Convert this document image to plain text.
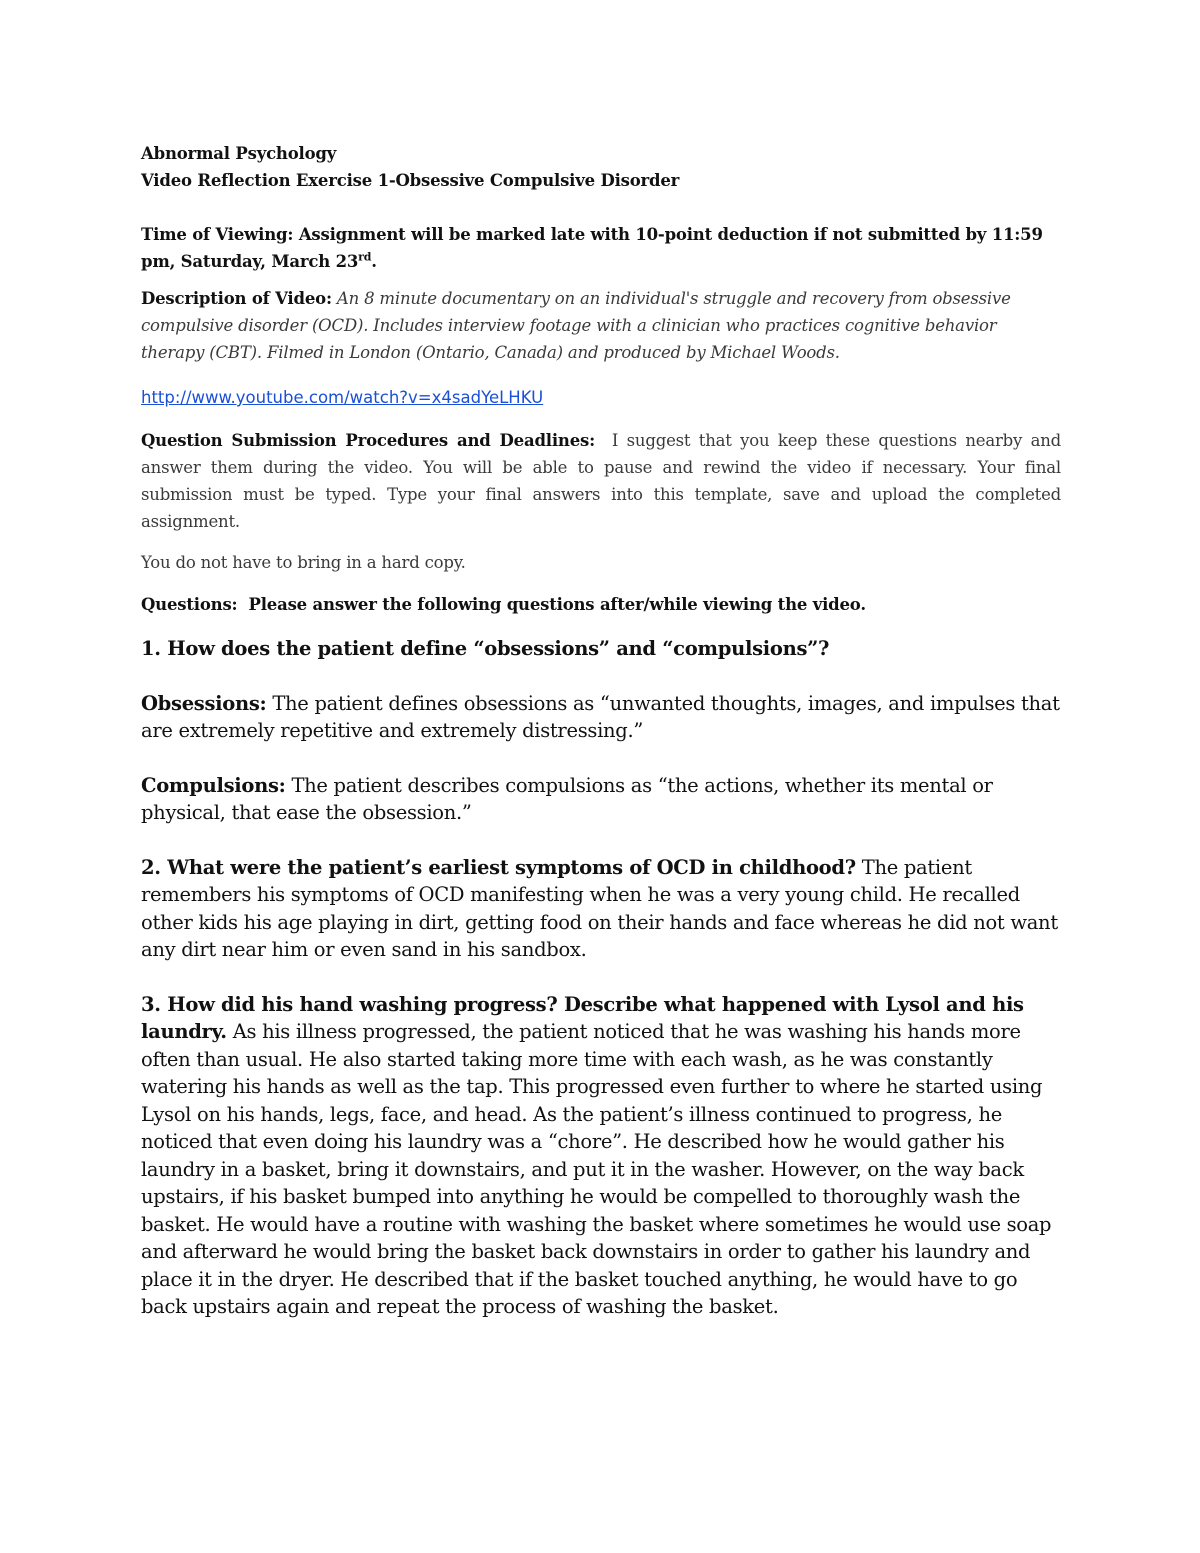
Abnormal Psychology
Video Reflection Exercise 1-Obsessive Compulsive Disorder

Time of Viewing: Assignment will be marked late with 10-point deduction if not submitted by 11:59 pm, Saturday, March 23rd.

Description of Video: An 8 minute documentary on an individual's struggle and recovery from obsessive compulsive disorder (OCD). Includes interview footage with a clinician who practices cognitive behavior therapy (CBT). Filmed in London (Ontario, Canada) and produced by Michael Woods.

http://www.youtube.com/watch?v=x4sadYeLHKU

Question Submission Procedures and Deadlines: I suggest that you keep these questions nearby and answer them during the video. You will be able to pause and rewind the video if necessary. Your final submission must be typed. Type your final answers into this template, save and upload the completed assignment.

You do not have to bring in a hard copy.

Questions: Please answer the following questions after/while viewing the video.

1. How does the patient define “obsessions” and “compulsions”?

Obsessions: The patient defines obsessions as “unwanted thoughts, images, and impulses that are extremely repetitive and extremely distressing.”

Compulsions: The patient describes compulsions as “the actions, whether its mental or physical, that ease the obsession.”

2. What were the patient’s earliest symptoms of OCD in childhood? The patient remembers his symptoms of OCD manifesting when he was a very young child. He recalled other kids his age playing in dirt, getting food on their hands and face whereas he did not want any dirt near him or even sand in his sandbox.

3. How did his hand washing progress? Describe what happened with Lysol and his laundry. As his illness progressed, the patient noticed that he was washing his hands more often than usual. He also started taking more time with each wash, as he was constantly watering his hands as well as the tap. This progressed even further to where he started using Lysol on his hands, legs, face, and head. As the patient’s illness continued to progress, he noticed that even doing his laundry was a “chore”. He described how he would gather his laundry in a basket, bring it downstairs, and put it in the washer. However, on the way back upstairs, if his basket bumped into anything he would be compelled to thoroughly wash the basket. He would have a routine with washing the basket where sometimes he would use soap and afterward he would bring the basket back downstairs in order to gather his laundry and place it in the dryer. He described that if the basket touched anything, he would have to go back upstairs again and repeat the process of washing the basket.
